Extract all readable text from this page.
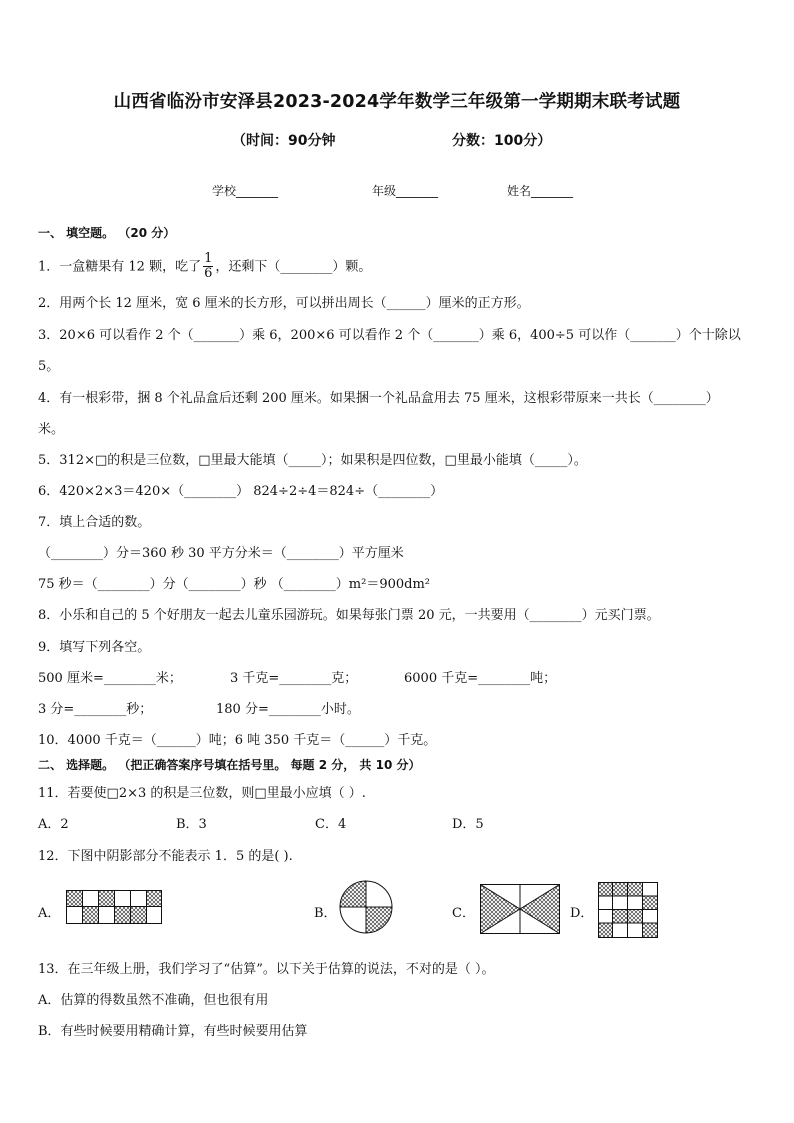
山西省临汾市安泽县2023-2024学年数学三年级第一学期期末联考试题
（时间：90分钟	分数：100分）
学校_______	年级_______	姓名_______
一、 填空题。 （20 分）
1．一盒糖果有 12 颗，吃了 $\frac{1}{6}$ ，还剩下（________）颗。
2．用两个长 12 厘米，宽 6 厘米的长方形，可以拼出周长（______）厘米的正方形。
3．20×6 可以看作 2 个（_______）乘 6，200×6 可以看作 2 个（_______）乘 6，400÷5 可以作（_______）个十除以
5。
4．有一根彩带，捆 8 个礼品盒后还剩 200 厘米。如果捆一个礼品盒用去 75 厘米，这根彩带原来一共长（________）
米。
5．312×□的积是三位数，□里最大能填（_____）；如果积是四位数，□里最小能填（_____）。
6．420×2×3＝420×（________） 824÷2÷4＝824÷（________）
7．填上合适的数。
（________）分＝360 秒 30 平方分米＝（________）平方厘米
75 秒＝（________）分（________）秒 （________）m²＝900dm²
8．小乐和自己的 5 个好朋友一起去儿童乐园游玩。如果每张门票 20 元，一共要用（________）元买门票。
9．填写下列各空。
500 厘米=________米；	3 千克=________克；	6000 千克=________吨；
3 分=________秒；	180 分=________小时。
10．4000 千克＝（______）吨；6 吨 350 千克＝（______）千克。
二、 选择题。 （把正确答案序号填在括号里。 每题 2 分， 共 10 分）
11．若要使□2×3 的积是三位数，则□里最小应填（ ）.
A．2	B．3	C．4	D．5
12．下图中阴影部分不能表示 1．5 的是( ).
A．	B．	C．	D．
13．在三年级上册，我们学习了“估算”。以下关于估算的说法，不对的是（ ）。
A．估算的得数虽然不准确，但也很有用
B．有些时候要用精确计算，有些时候要用估算
